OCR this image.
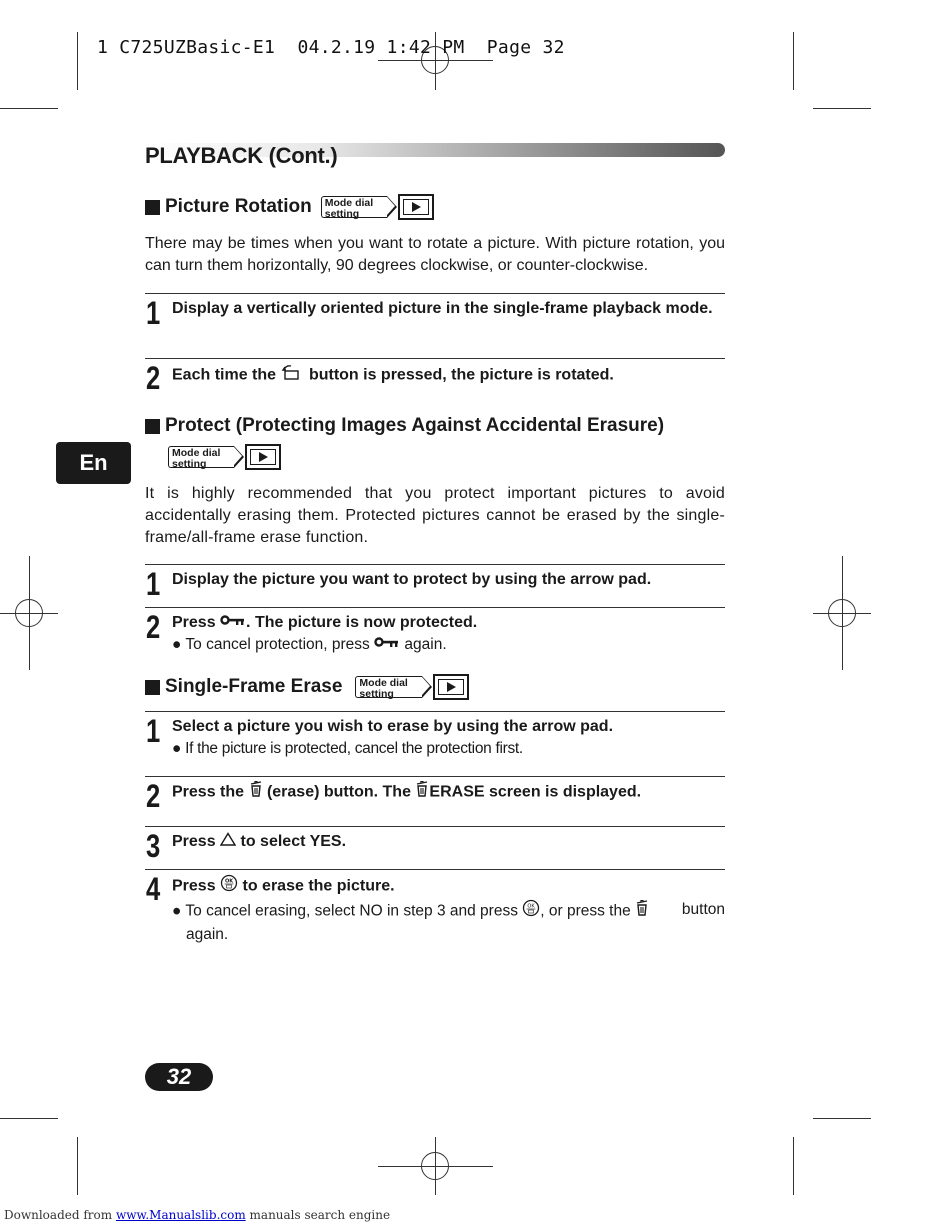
1 C725UZBasic-E1  04.2.19 1:42 PM  Page 32
PLAYBACK (Cont.)
En
Picture Rotation	Mode dial
setting
There may be times when you want to rotate a picture. With picture rotation, you can turn them horizontally, 90 degrees clockwise, or counter-clockwise.
1 Display a vertically oriented picture in the single-frame playback mode.
2 Each time the button is pressed, the picture is rotated.
Protect (Protecting Images Against Accidental Erasure)
Mode dial
setting
It is highly recommended that you protect important pictures to avoid accidentally erasing them. Protected pictures cannot be erased by the single-frame/all-frame erase function.
1 Display the picture you want to protect by using the arrow pad.
2 Press . The picture is now protected.
● To cancel protection, press again.
Single-Frame Erase	Mode dial
setting
1 Select a picture you wish to erase by using the arrow pad.
● If the picture is protected, cancel the protection first.
2 Press the (erase) button. The ERASE screen is displayed.
3 Press to select YES.
4 Press OK to erase the picture.
● To cancel erasing, select NO in step 3 and press OK , or press the	button
again.
32
Downloaded from www.Manualslib.com manuals search engine
